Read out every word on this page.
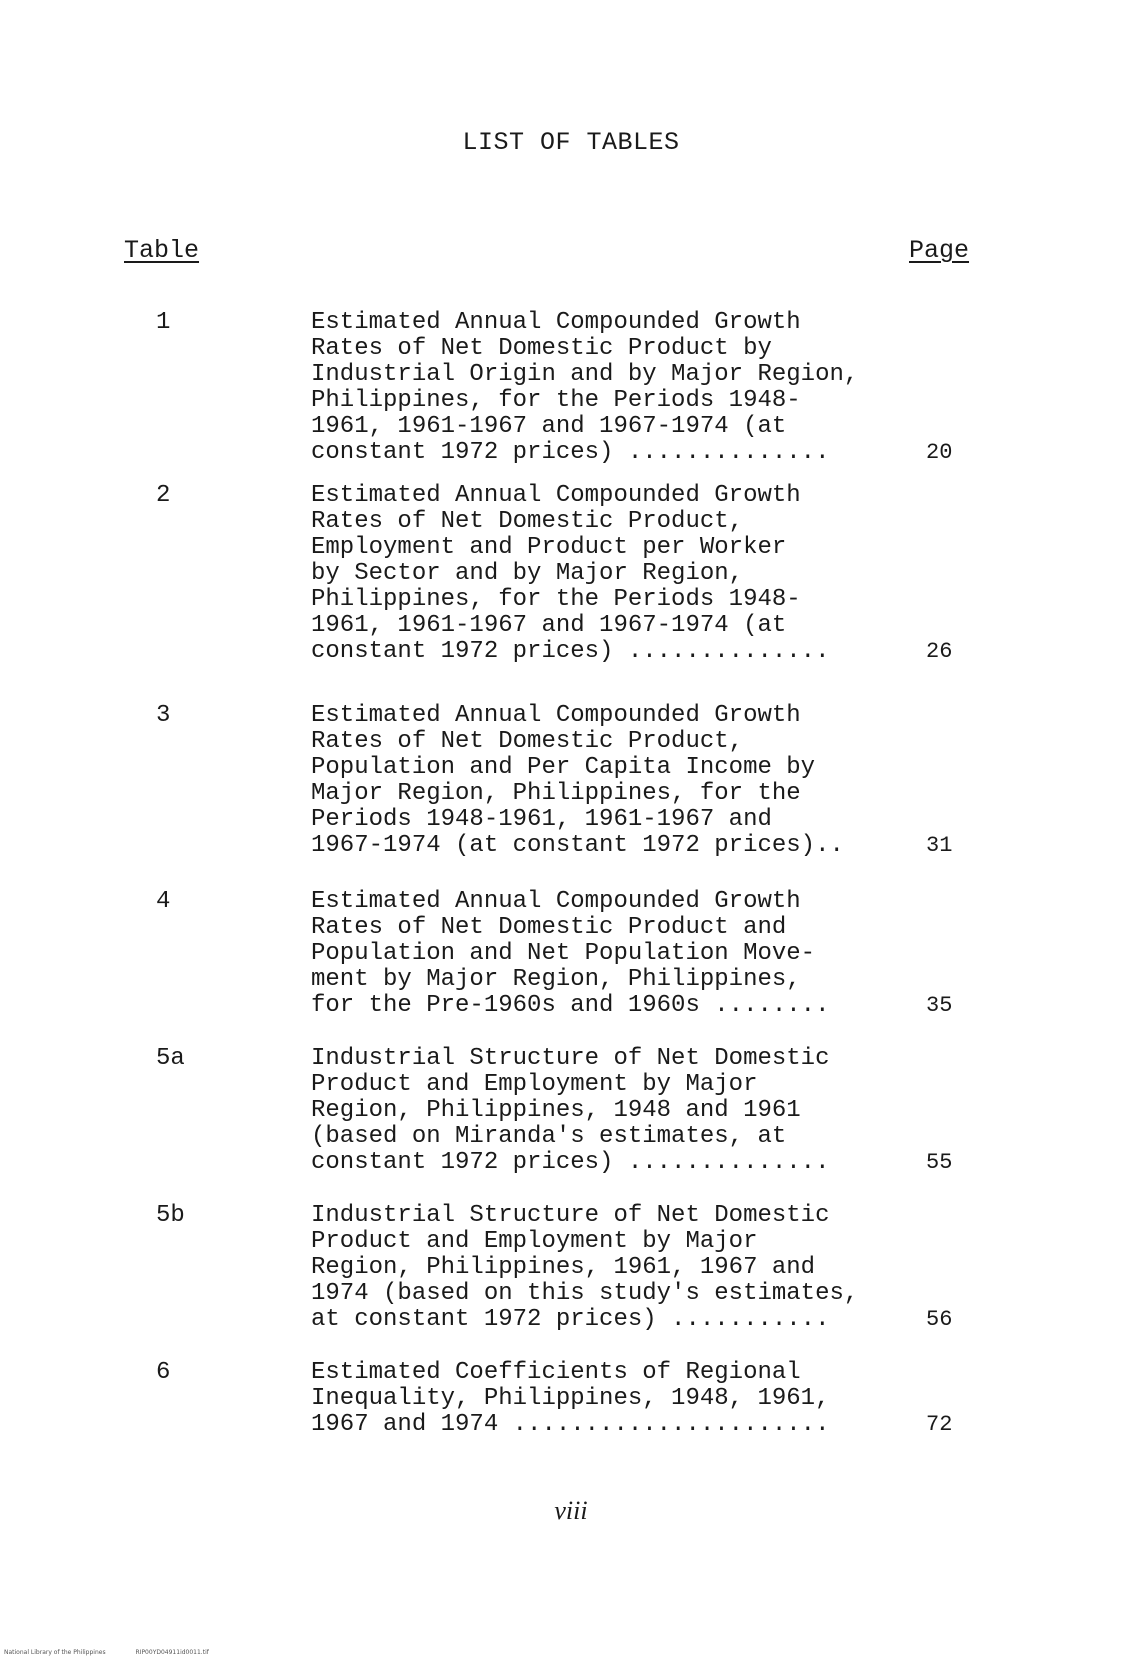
LIST OF TABLES
Table	Page
1	Estimated Annual Compounded Growth
Rates of Net Domestic Product by
Industrial Origin and by Major Region,
Philippines, for the Periods 1948-
1961, 1961-1967 and 1967-1974 (at
constant 1972 prices) ..............	20
2	Estimated Annual Compounded Growth
Rates of Net Domestic Product,
Employment and Product per Worker
by Sector and by Major Region,
Philippines, for the Periods 1948-
1961, 1961-1967 and 1967-1974 (at
constant 1972 prices) ..............	26
3	Estimated Annual Compounded Growth
Rates of Net Domestic Product,
Population and Per Capita Income by
Major Region, Philippines, for the
Periods 1948-1961, 1961-1967 and
1967-1974 (at constant 1972 prices)..	31
4	Estimated Annual Compounded Growth
Rates of Net Domestic Product and
Population and Net Population Move-
ment by Major Region, Philippines,
for the Pre-1960s and 1960s ........	35
5a	Industrial Structure of Net Domestic
Product and Employment by Major
Region, Philippines, 1948 and 1961
(based on Miranda's estimates, at
constant 1972 prices) ..............	55
5b	Industrial Structure of Net Domestic
Product and Employment by Major
Region, Philippines, 1961, 1967 and
1974 (based on this study's estimates,
at constant 1972 prices) ...........	56
6	Estimated Coefficients of Regional
Inequality, Philippines, 1948, 1961,
1967 and 1974 ......................	72
viii
National Library of the Philippines	RIP00YD04911id0011.tif
